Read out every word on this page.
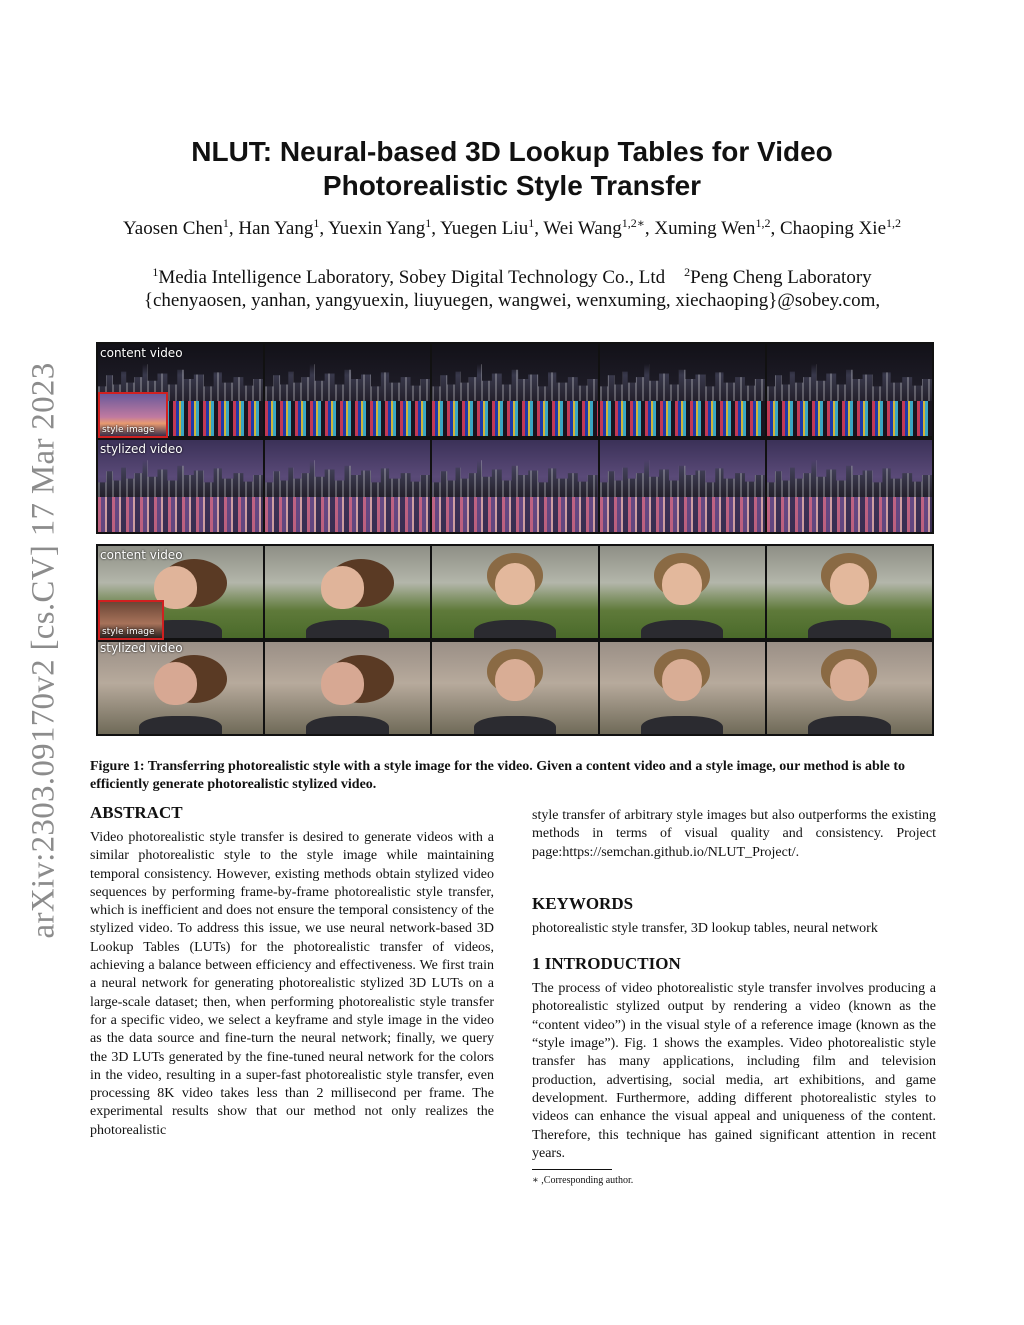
arXiv:2303.09170v2 [cs.CV] 17 Mar 2023
NLUT: Neural-based 3D Lookup Tables for Video
Photorealistic Style Transfer
Yaosen Chen$^1$, Han Yang$^1$, Yuexin Yang$^1$, Yuegen Liu$^1$, Wei Wang$^{1,2∗}$, Xuming Wen$^{1,2}$, Chaoping Xie$^{1,2}$
$^1$Media Intelligence Laboratory, Sobey Digital Technology Co., Ltd $^2$Peng Cheng Laboratory
{chenyaosen, yanhan, yangyuexin, liuyuegen, wangwei, wenxuming, xiechaoping}@sobey.com,
content video
stylized video
style image
content video
stylized video
style image
Figure 1: Transferring photorealistic style with a style image for the video. Given a content video and a style image, our method is able to efficiently generate photorealistic stylized video.
ABSTRACT
Video photorealistic style transfer is desired to generate videos with a similar photorealistic style to the style image while maintaining temporal consistency. However, existing methods obtain stylized video sequences by performing frame-by-frame photorealistic style transfer, which is inefficient and does not ensure the temporal consistency of the stylized video. To address this issue, we use neural network-based 3D Lookup Tables (LUTs) for the photorealistic transfer of videos, achieving a balance between efficiency and effectiveness. We first train a neural network for generating photorealistic stylized 3D LUTs on a large-scale dataset; then, when performing photorealistic style transfer for a specific video, we select a keyframe and style image in the video as the data source and fine-turn the neural network; finally, we query the 3D LUTs generated by the fine-tuned neural network for the colors in the video, resulting in a super-fast photorealistic style transfer, even processing 8K video takes less than 2 millisecond per frame. The experimental results show that our method not only realizes the photorealistic
style transfer of arbitrary style images but also outperforms the existing methods in terms of visual quality and consistency. Project page:https://semchan.github.io/NLUT_Project/.
KEYWORDS
photorealistic style transfer, 3D lookup tables, neural network
1 INTRODUCTION
The process of video photorealistic style transfer involves producing a photorealistic stylized output by rendering a video (known as the “content video”) in the visual style of a reference image (known as the “style image”). Fig. 1 shows the examples. Video photorealistic style transfer has many applications, including film and television production, advertising, social media, art exhibitions, and game development. Furthermore, adding different photorealistic styles to videos can enhance the visual appeal and uniqueness of the content. Therefore, this technique has gained significant attention in recent years.
∗ ,Corresponding author.
